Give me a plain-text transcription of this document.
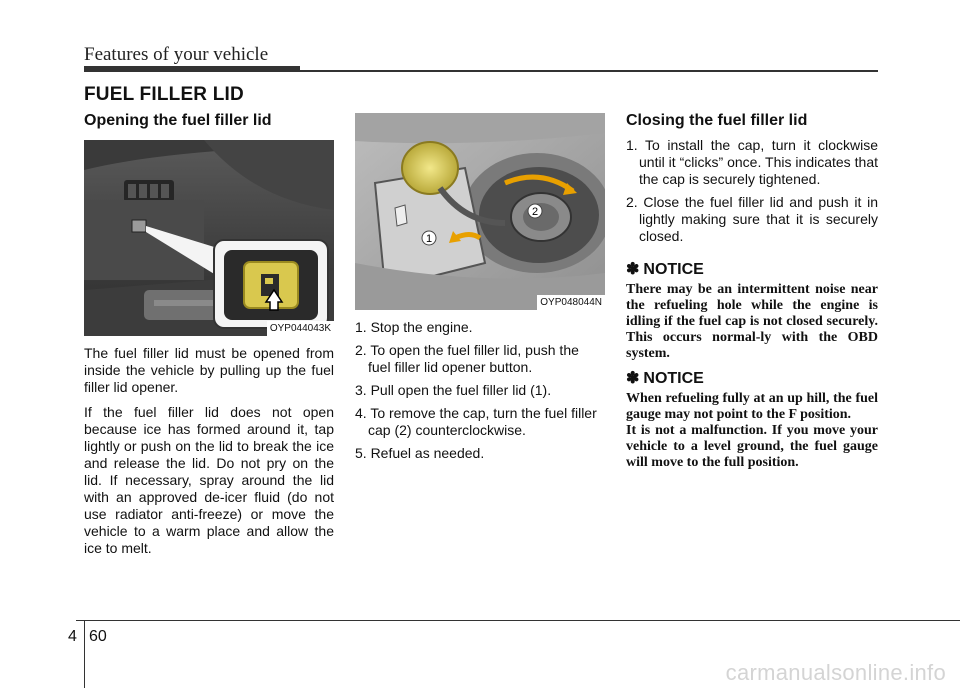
Features of your vehicle
FUEL FILLER LID
Opening the fuel filler lid
OYP044043K

The fuel filler lid must be opened from inside the vehicle by pulling up the fuel filler lid opener.

If the fuel filler lid does not open because ice has formed around it, tap lightly or push on the lid to break the ice and release the lid. Do not pry on the lid. If necessary, spray around the lid with an approved de-icer fluid (do not use radiator anti-freeze) or move the vehicle to a warm place and allow the ice to melt.

1
2
OYP048044N
1. Stop the engine.
2. To open the fuel filler lid, push the fuel filler lid opener button.
3. Pull open the fuel filler lid (1).
4. To remove the cap, turn the fuel filler cap (2) counterclockwise.
5. Refuel as needed.
Closing the fuel filler lid
1. To install the cap, turn it clockwise until it “clicks” once. This indicates that the cap is securely tightened.
2. Close the fuel filler lid and push it in lightly making sure that it is securely closed.
✽ NOTICE

There may be an intermittent noise near the refueling hole while the engine is idling if the fuel cap is not closed securely. This occurs normal-ly with the OBD system.

✽ NOTICE

When refueling fully at an up hill, the fuel gauge may not point to the F position.

It is not a malfunction. If you move your vehicle to a level ground, the fuel gauge will move to the full position.

4 60
carmanualsonline.info
